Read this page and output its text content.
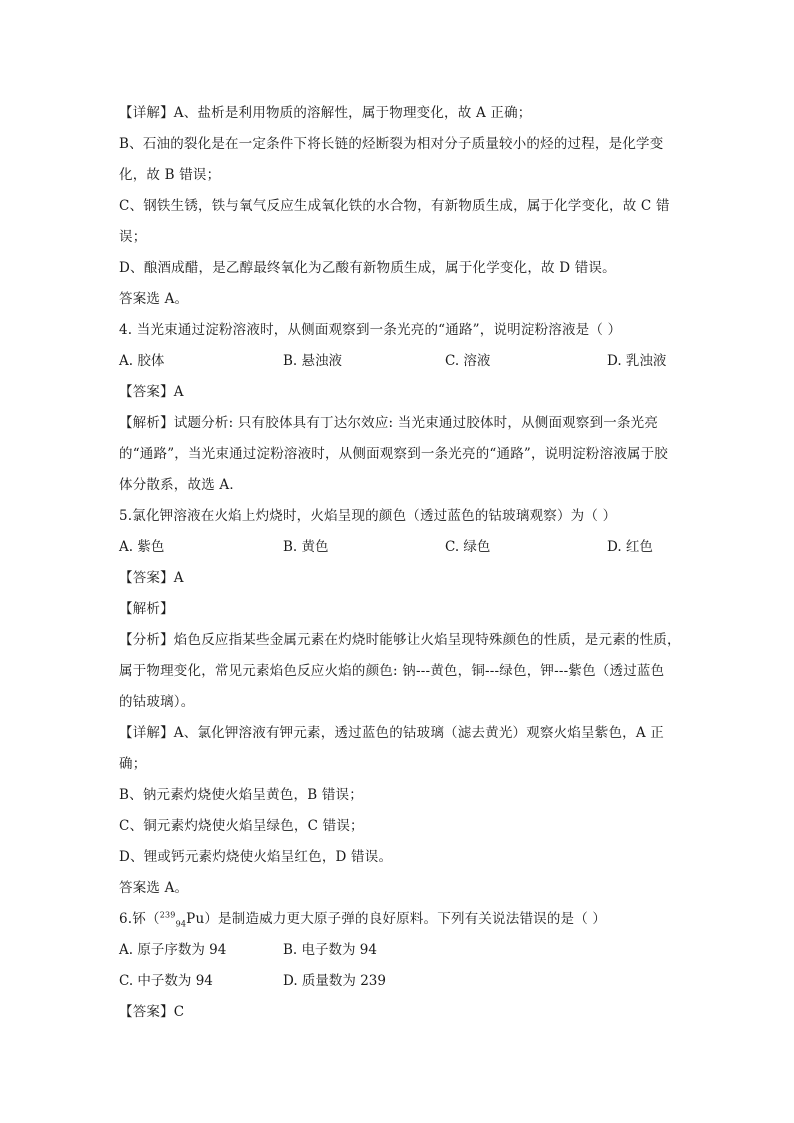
【详解】A、盐析是利用物质的溶解性，属于物理变化，故 A 正确；
B、石油的裂化是在一定条件下将长链的烃断裂为相对分子质量较小的烃的过程，是化学变
化，故 B 错误；
C、钢铁生锈，铁与氧气反应生成氧化铁的水合物，有新物质生成，属于化学变化，故 C 错
误；
D、酿酒成醋，是乙醇最终氧化为乙酸有新物质生成，属于化学变化，故 D 错误。
答案选 A。
4. 当光束通过淀粉溶液时，从侧面观察到一条光亮的“通路”，说明淀粉溶液是（ ）
A. 胶体	B. 悬浊液	C. 溶液	D. 乳浊液
【答案】A
【解析】试题分析: 只有胶体具有丁达尔效应: 当光束通过胶体时，从侧面观察到一条光亮
的“通路”，当光束通过淀粉溶液时，从侧面观察到一条光亮的“通路”，说明淀粉溶液属于胶
体分散系，故选 A．
5.氯化钾溶液在火焰上灼烧时，火焰呈现的颜色（透过蓝色的钴玻璃观察）为（ ）
A. 紫色	B. 黄色	C. 绿色	D. 红色
【答案】A
【解析】
【分析】焰色反应指某些金属元素在灼烧时能够让火焰呈现特殊颜色的性质，是元素的性质，
属于物理变化，常见元素焰色反应火焰的颜色: 钠---黄色，铜---绿色，钾---紫色（透过蓝色
的钴玻璃）。
【详解】A、氯化钾溶液有钾元素，透过蓝色的钴玻璃（滤去黄光）观察火焰呈紫色，A 正
确；
B、钠元素灼烧使火焰呈黄色，B 错误；
C、铜元素灼烧使火焰呈绿色，C 错误；
D、锂或钙元素灼烧使火焰呈红色，D 错误。
答案选 A。
6.钚（$^{239}_{94}$Pu）是制造威力更大原子弹的良好原料。下列有关说法错误的是（ ）
A. 原子序数为 94	B. 电子数为 94
C. 中子数为 94	D. 质量数为 239
【答案】C
